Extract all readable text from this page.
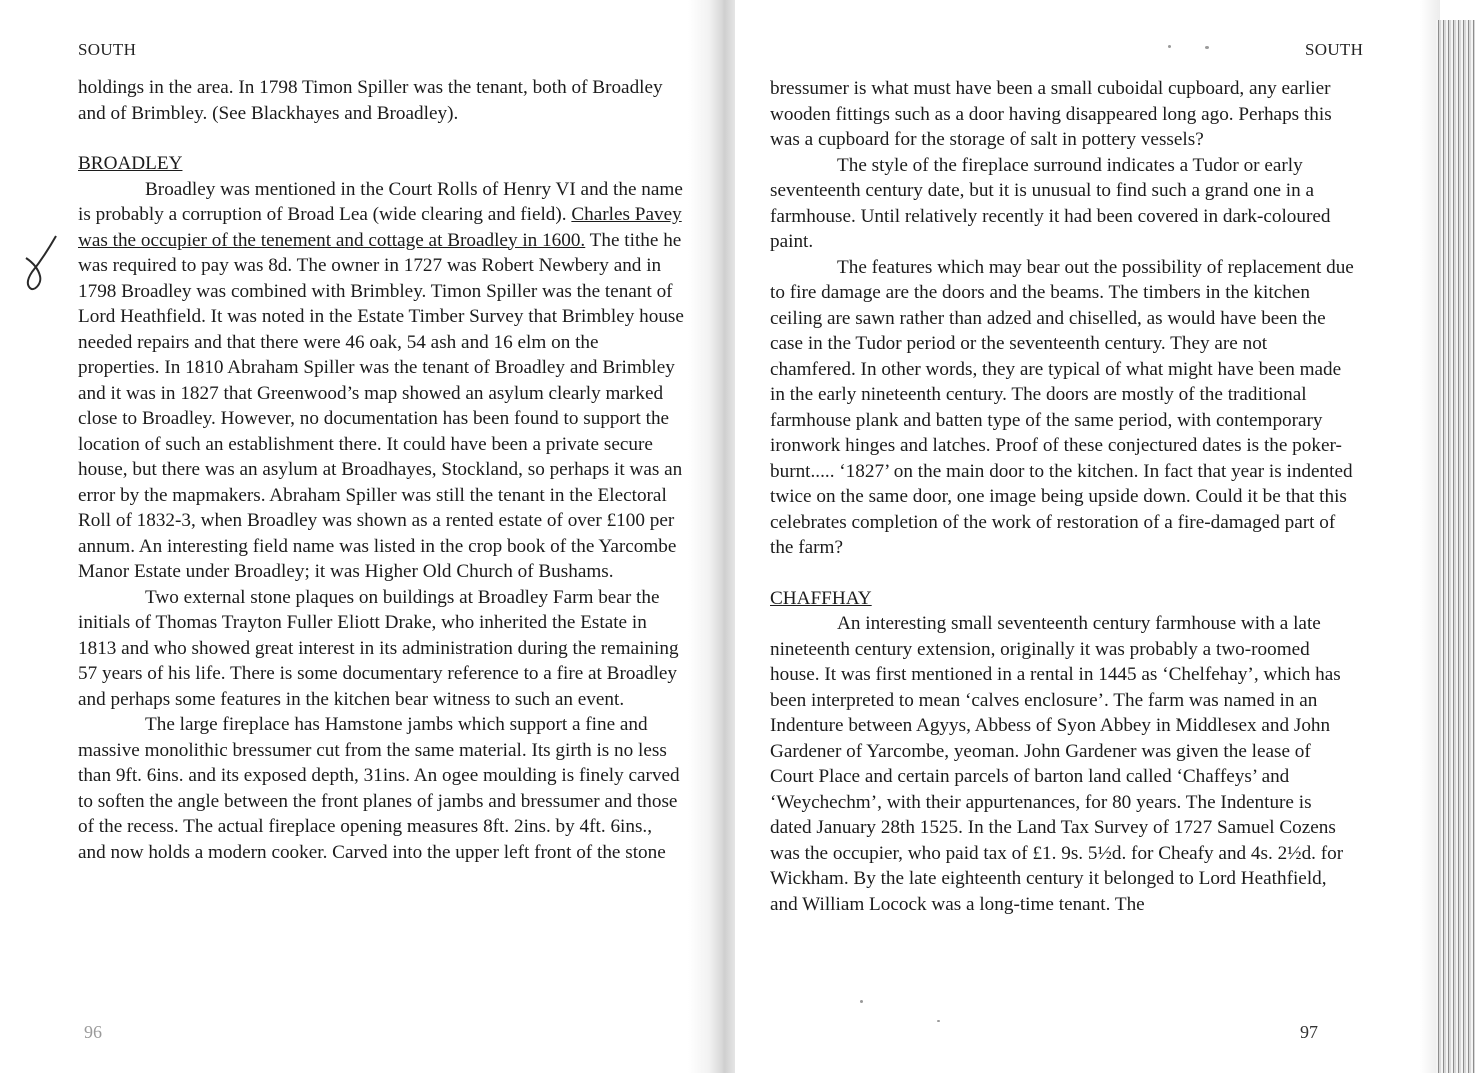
SOUTH

holdings in the area. In 1798 Timon Spiller was the tenant, both of Broadley and of Brimbley. (See Blackhayes and Broadley).

BROADLEY

Broadley was mentioned in the Court Rolls of Henry VI and the name is probably a corruption of Broad Lea (wide clearing and field). Charles Pavey was the occupier of the tenement and cottage at Broadley in 1600. The tithe he was required to pay was 8d. The owner in 1727 was Robert Newbery and in 1798 Broadley was combined with Brimbley. Timon Spiller was the tenant of Lord Heathfield. It was noted in the Estate Timber Survey that Brimbley house needed repairs and that there were 46 oak, 54 ash and 16 elm on the properties. In 1810 Abraham Spiller was the tenant of Broadley and Brimbley and it was in 1827 that Greenwood’s map showed an asylum clearly marked close to Broadley. However, no documentation has been found to support the location of such an establishment there. It could have been a private secure house, but there was an asylum at Broadhayes, Stockland, so perhaps it was an error by the mapmakers. Abraham Spiller was still the tenant in the Electoral Roll of 1832-3, when Broadley was shown as a rented estate of over £100 per annum. An interesting field name was listed in the crop book of the Yarcombe Manor Estate under Broadley; it was Higher Old Church of Bushams.

Two external stone plaques on buildings at Broadley Farm bear the initials of Thomas Trayton Fuller Eliott Drake, who inherited the Estate in 1813 and who showed great interest in its administration during the remaining 57 years of his life. There is some documentary reference to a fire at Broadley and perhaps some features in the kitchen bear witness to such an event.

The large fireplace has Hamstone jambs which support a fine and massive monolithic bressumer cut from the same material. Its girth is no less than 9ft. 6ins. and its exposed depth, 31ins. An ogee moulding is finely carved to soften the angle between the front planes of jambs and bressumer and those of the recess. The actual fireplace opening measures 8ft. 2ins. by 4ft. 6ins., and now holds a modern cooker. Carved into the upper left front of the stone

96
SOUTH

bressumer is what must have been a small cuboidal cupboard, any earlier wooden fittings such as a door having disappeared long ago. Perhaps this was a cupboard for the storage of salt in pottery vessels?

The style of the fireplace surround indicates a Tudor or early seventeenth century date, but it is unusual to find such a grand one in a farmhouse. Until relatively recently it had been covered in dark-coloured paint.

The features which may bear out the possibility of replacement due to fire damage are the doors and the beams. The timbers in the kitchen ceiling are sawn rather than adzed and chiselled, as would have been the case in the Tudor period or the seventeenth century. They are not chamfered. In other words, they are typical of what might have been made in the early nineteenth century. The doors are mostly of the traditional farmhouse plank and batten type of the same period, with contemporary ironwork hinges and latches. Proof of these conjectured dates is the poker-burnt..... ‘1827’ on the main door to the kitchen. In fact that year is indented twice on the same door, one image being upside down. Could it be that this celebrates completion of the work of restoration of a fire-damaged part of the farm?

CHAFFHAY

An interesting small seventeenth century farmhouse with a late nineteenth century extension, originally it was probably a two-roomed house. It was first mentioned in a rental in 1445 as ‘Chelfehay’, which has been interpreted to mean ‘calves enclosure’. The farm was named in an Indenture between Agyys, Abbess of Syon Abbey in Middlesex and John Gardener of Yarcombe, yeoman. John Gardener was given the lease of Court Place and certain parcels of barton land called ‘Chaffeys’ and ‘Weychechm’, with their appurtenances, for 80 years. The Indenture is dated January 28th 1525. In the Land Tax Survey of 1727 Samuel Cozens was the occupier, who paid tax of £1. 9s. 5½d. for Cheafy and 4s. 2½d. for Wickham. By the late eighteenth century it belonged to Lord Heathfield, and William Locock was a long-time tenant. The

97
